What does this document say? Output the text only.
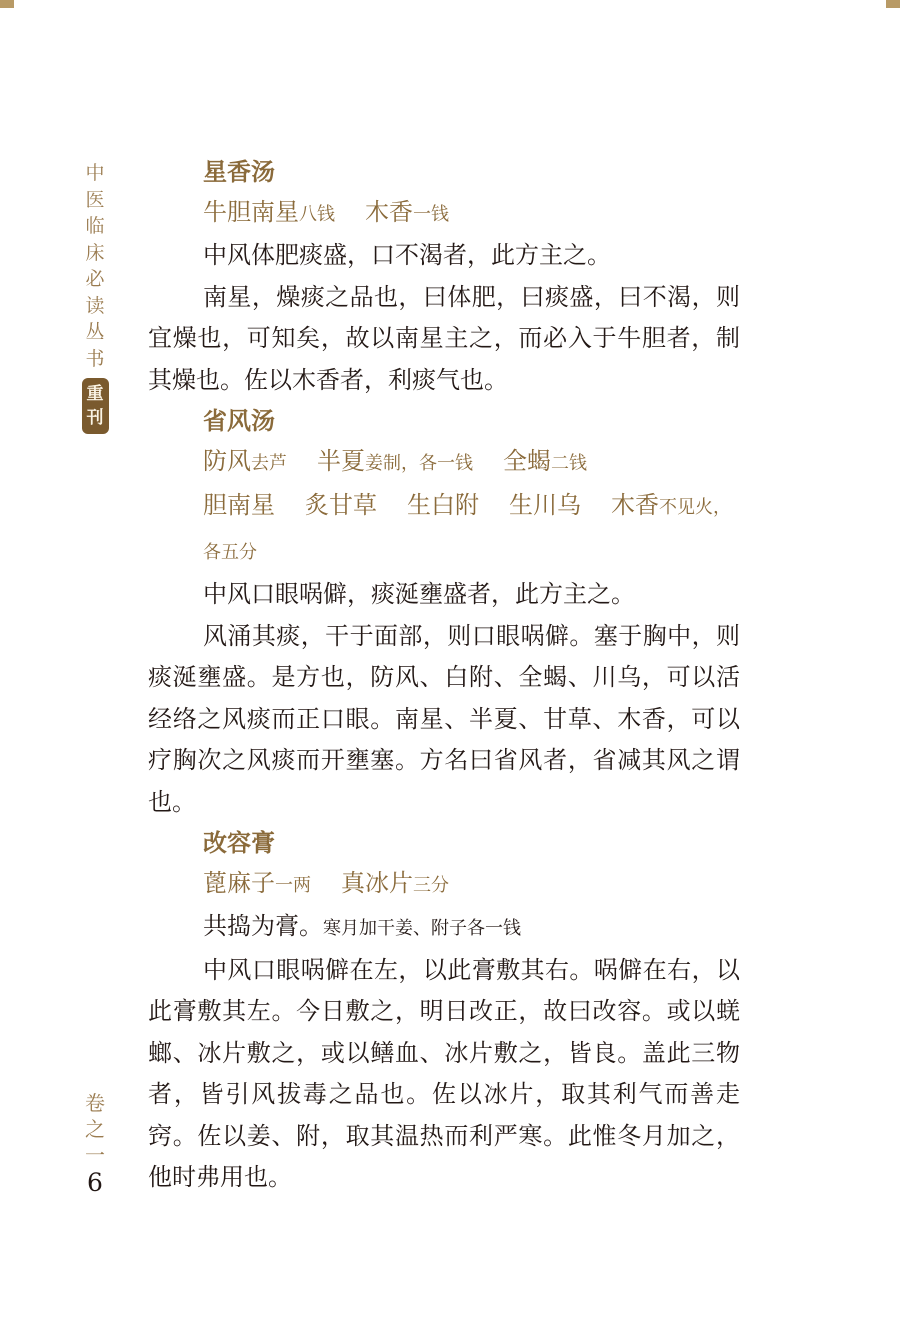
中
医
临
床
必
读
丛
书
重
刊
卷
之
一
6

星香汤

牛胆南星八钱 木香一钱

中风体肥痰盛，口不渴者，此方主之。

南星，燥痰之品也，曰体肥，曰痰盛，曰不渴，则宜燥也，可知矣，故以南星主之，而必入于牛胆者，制其燥也。佐以木香者，利痰气也。

省风汤

防风去芦 半夏姜制，各一钱 全蝎二钱

胆南星 炙甘草 生白附 生川乌 木香不见火，各五分

中风口眼㖞僻，痰涎壅盛者，此方主之。

风涌其痰，干于面部，则口眼㖞僻。塞于胸中，则痰涎壅盛。是方也，防风、白附、全蝎、川乌，可以活经络之风痰而正口眼。南星、半夏、甘草、木香，可以疗胸次之风痰而开壅塞。方名曰省风者，省减其风之谓也。

改容膏

蓖麻子一两 真冰片三分

共捣为膏。寒月加干姜、附子各一钱

中风口眼㖞僻在左，以此膏敷其右。㖞僻在右，以此膏敷其左。今日敷之，明日改正，故曰改容。或以蜣螂、冰片敷之，或以鳝血、冰片敷之，皆良。盖此三物者，皆引风拔毒之品也。佐以冰片，取其利气而善走窍。佐以姜、附，取其温热而利严寒。此惟冬月加之，他时弗用也。
